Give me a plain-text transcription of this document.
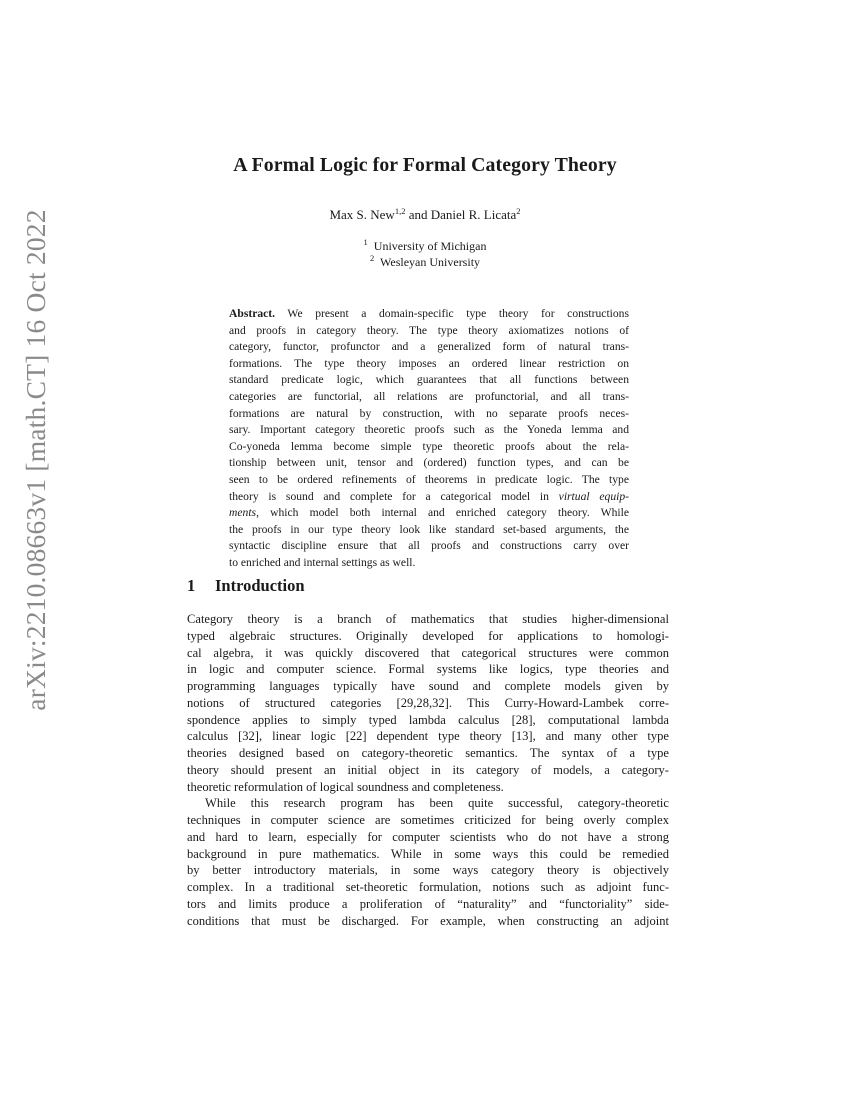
arXiv:2210.08663v1 [math.CT] 16 Oct 2022
A Formal Logic for Formal Category Theory
Max S. New$^{1,2}$ and Daniel R. Licata$^2$
$^1$ University of Michigan
$^2$ Wesleyan University
Abstract. We present a domain-specific type theory for constructions
and proofs in category theory. The type theory axiomatizes notions of
category, functor, profunctor and a generalized form of natural trans-
formations. The type theory imposes an ordered linear restriction on
standard predicate logic, which guarantees that all functions between
categories are functorial, all relations are profunctorial, and all trans-
formations are natural by construction, with no separate proofs neces-
sary. Important category theoretic proofs such as the Yoneda lemma and
Co-yoneda lemma become simple type theoretic proofs about the rela-
tionship between unit, tensor and (ordered) function types, and can be
seen to be ordered refinements of theorems in predicate logic. The type
theory is sound and complete for a categorical model in virtual equip-
ments, which model both internal and enriched category theory. While
the proofs in our type theory look like standard set-based arguments, the
syntactic discipline ensure that all proofs and constructions carry over
to enriched and internal settings as well.
1 Introduction

Category theory is a branch of mathematics that studies higher-dimensional
typed algebraic structures. Originally developed for applications to homologi-
cal algebra, it was quickly discovered that categorical structures were common
in logic and computer science. Formal systems like logics, type theories and
programming languages typically have sound and complete models given by
notions of structured categories [29,28,32]. This Curry-Howard-Lambek corre-
spondence applies to simply typed lambda calculus [28], computational lambda
calculus [32], linear logic [22] dependent type theory [13], and many other type
theories designed based on category-theoretic semantics. The syntax of a type
theory should present an initial object in its category of models, a category-
theoretic reformulation of logical soundness and completeness.

While this research program has been quite successful, category-theoretic
techniques in computer science are sometimes criticized for being overly complex
and hard to learn, especially for computer scientists who do not have a strong
background in pure mathematics. While in some ways this could be remedied
by better introductory materials, in some ways category theory is objectively
complex. In a traditional set-theoretic formulation, notions such as adjoint func-
tors and limits produce a proliferation of “naturality” and “functoriality” side-
conditions that must be discharged. For example, when constructing an adjoint
